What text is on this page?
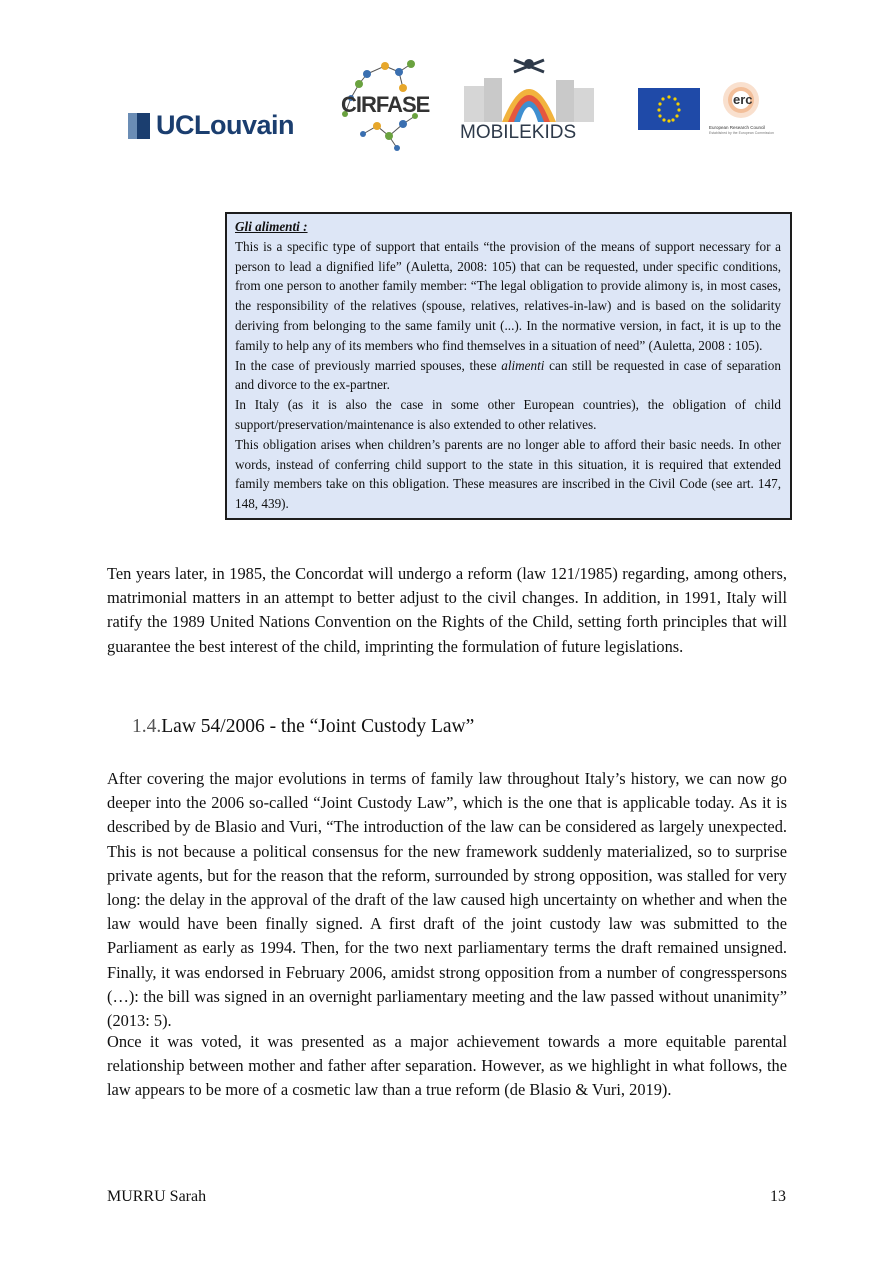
UCLouvain
CIRFASE
MOBILEKIDS
erc
European Research Council
Established by the European Commission

Gli alimenti :

This is a specific type of support that entails “the provision of the means of support necessary for a person to lead a dignified life” (Auletta, 2008: 105) that can be requested, under specific conditions, from one person to another family member: “The legal obligation to provide alimony is, in most cases, the responsibility of the relatives (spouse, relatives, relatives-in-law) and is based on the solidarity deriving from belonging to the same family unit (...). In the normative version, in fact, it is up to the family to help any of its members who find themselves in a situation of need” (Auletta, 2008 : 105).

In the case of previously married spouses, these alimenti can still be requested in case of separation and divorce to the ex-partner.

In Italy (as it is also the case in some other European countries), the obligation of child support/preservation/maintenance is also extended to other relatives.

This obligation arises when children’s parents are no longer able to afford their basic needs. In other words, instead of conferring child support to the state in this situation, it is required that extended family members take on this obligation. These measures are inscribed in the Civil Code (see art. 147, 148, 439).

Ten years later, in 1985, the Concordat will undergo a reform (law 121/1985) regarding, among others, matrimonial matters in an attempt to better adjust to the civil changes. In addition, in 1991, Italy will ratify the 1989 United Nations Convention on the Rights of the Child, setting forth principles that will guarantee the best interest of the child, imprinting the formulation of future legislations.

1.4.Law 54/2006 - the “Joint Custody Law”

After covering the major evolutions in terms of family law throughout Italy’s history, we can now go deeper into the 2006 so-called “Joint Custody Law”, which is the one that is applicable today. As it is described by de Blasio and Vuri, “The introduction of the law can be considered as largely unexpected. This is not because a political consensus for the new framework suddenly materialized, so to surprise private agents, but for the reason that the reform, surrounded by strong opposition, was stalled for very long: the delay in the approval of the draft of the law caused high uncertainty on whether and when the law would have been finally signed. A first draft of the joint custody law was submitted to the Parliament as early as 1994. Then, for the two next parliamentary terms the draft remained unsigned. Finally, it was endorsed in February 2006, amidst strong opposition from a number of congresspersons (…): the bill was signed in an overnight parliamentary meeting and the law passed without unanimity” (2013: 5).

Once it was voted, it was presented as a major achievement towards a more equitable parental relationship between mother and father after separation. However, as we highlight in what follows, the law appears to be more of a cosmetic law than a true reform (de Blasio & Vuri, 2019).

MURRU Sarah	13
